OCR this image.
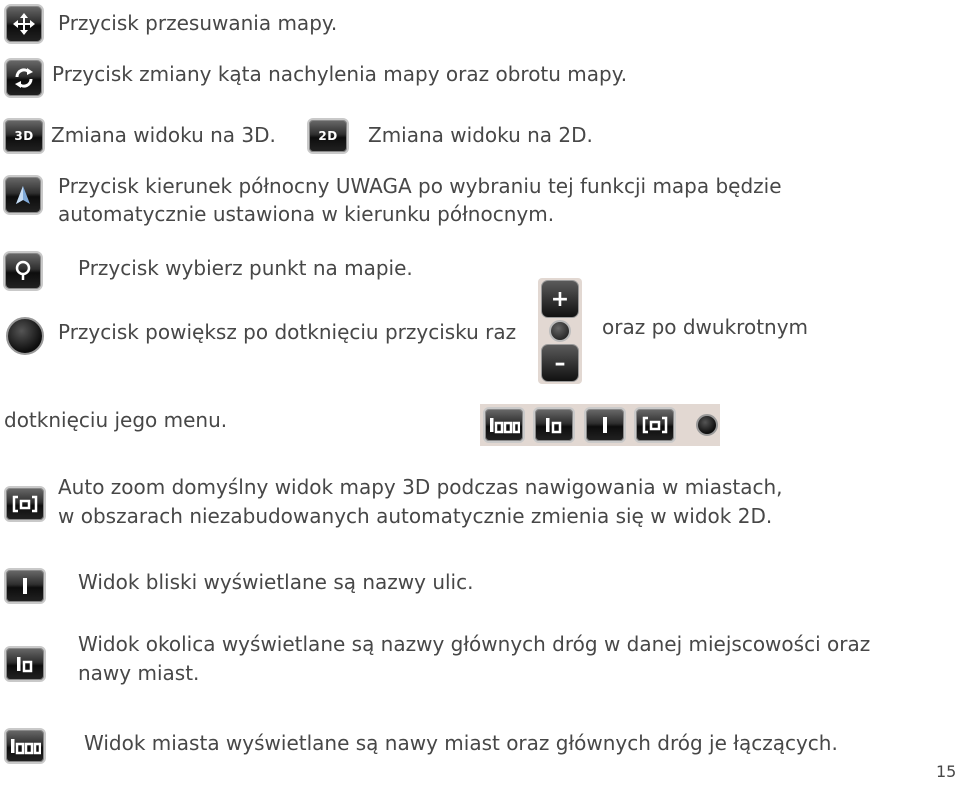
Przycisk przesuwania mapy.
Przycisk zmiany kąta nachylenia mapy oraz obrotu mapy.
3D Zmiana widoku na 3D.	2D Zmiana widoku na 2D.
Przycisk kierunek północny UWAGA po wybraniu tej funkcji mapa będzie
automatycznie ustawiona w kierunku północnym.
Przycisk wybierz punkt na mapie.
Przycisk powiększ po dotknięciu przycisku raz
+
–
oraz po dwukrotnym
dotknięciu jego menu.
Auto zoom domyślny widok mapy 3D podczas nawigowania w miastach,
w obszarach niezabudowanych automatycznie zmienia się w widok 2D.
Widok bliski wyświetlane są nazwy ulic.
Widok okolica wyświetlane są nazwy głównych dróg w danej miejscowości oraz
nawy miast.
Widok miasta wyświetlane są nawy miast oraz głównych dróg je łączących.
15
